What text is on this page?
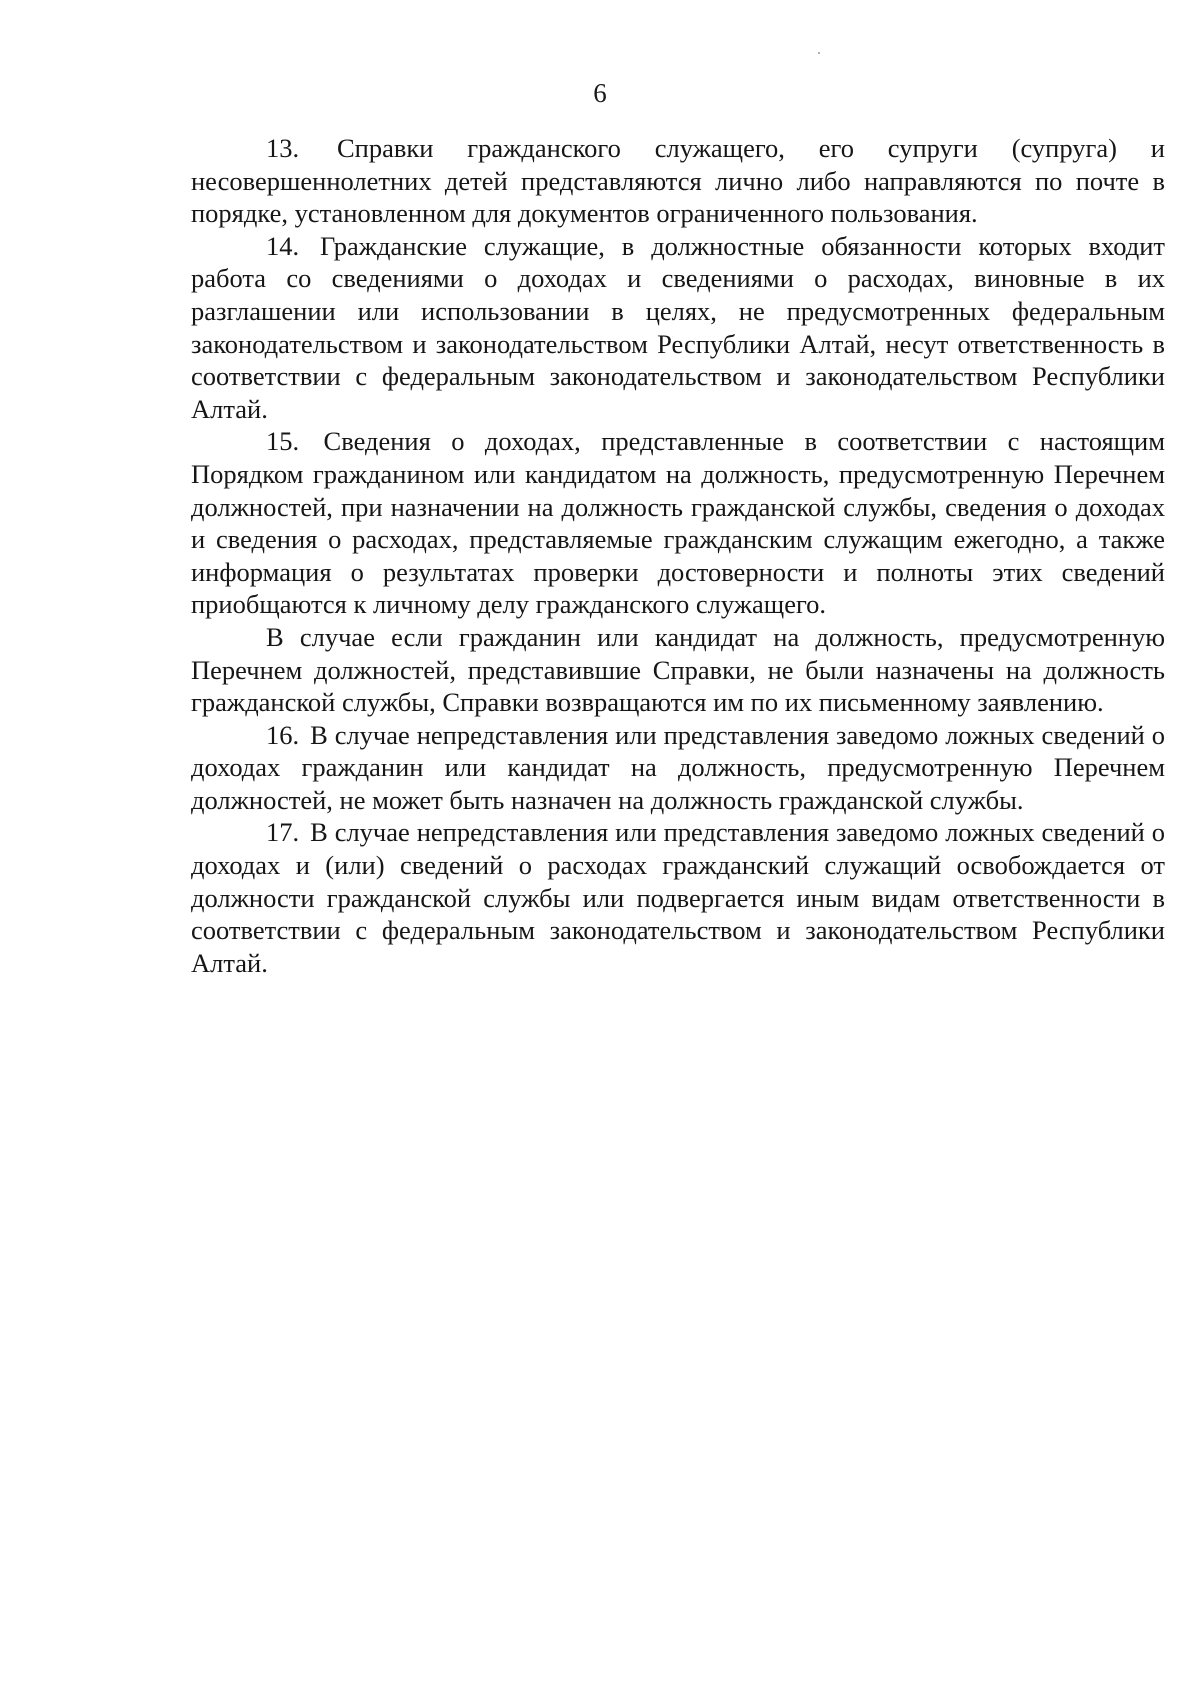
6

13. Справки гражданского служащего, его супруги (супруга) и несовершеннолетних детей представляются лично либо направляются по почте в порядке, установленном для документов ограниченного пользования.

14. Гражданские служащие, в должностные обязанности которых входит работа со сведениями о доходах и сведениями о расходах, виновные в их разглашении или использовании в целях, не предусмотренных федеральным законодательством и законодательством Республики Алтай, несут ответственность в соответствии с федеральным законодательством и законодательством Республики Алтай.

15. Сведения о доходах, представленные в соответствии с настоящим Порядком гражданином или кандидатом на должность, предусмотренную Перечнем должностей, при назначении на должность гражданской службы, сведения о доходах и сведения о расходах, представляемые гражданским служащим ежегодно, а также информация о результатах проверки достоверности и полноты этих сведений приобщаются к личному делу гражданского служащего.

В случае если гражданин или кандидат на должность, предусмотренную Перечнем должностей, представившие Справки, не были назначены на должность гражданской службы, Справки возвращаются им по их письменному заявлению.

16. В случае непредставления или представления заведомо ложных сведений о доходах гражданин или кандидат на должность, предусмотренную Перечнем должностей, не может быть назначен на должность гражданской службы.

17. В случае непредставления или представления заведомо ложных сведений о доходах и (или) сведений о расходах гражданский служащий освобождается от должности гражданской службы или подвергается иным видам ответственности в соответствии с федеральным законодательством и законодательством Республики Алтай.
